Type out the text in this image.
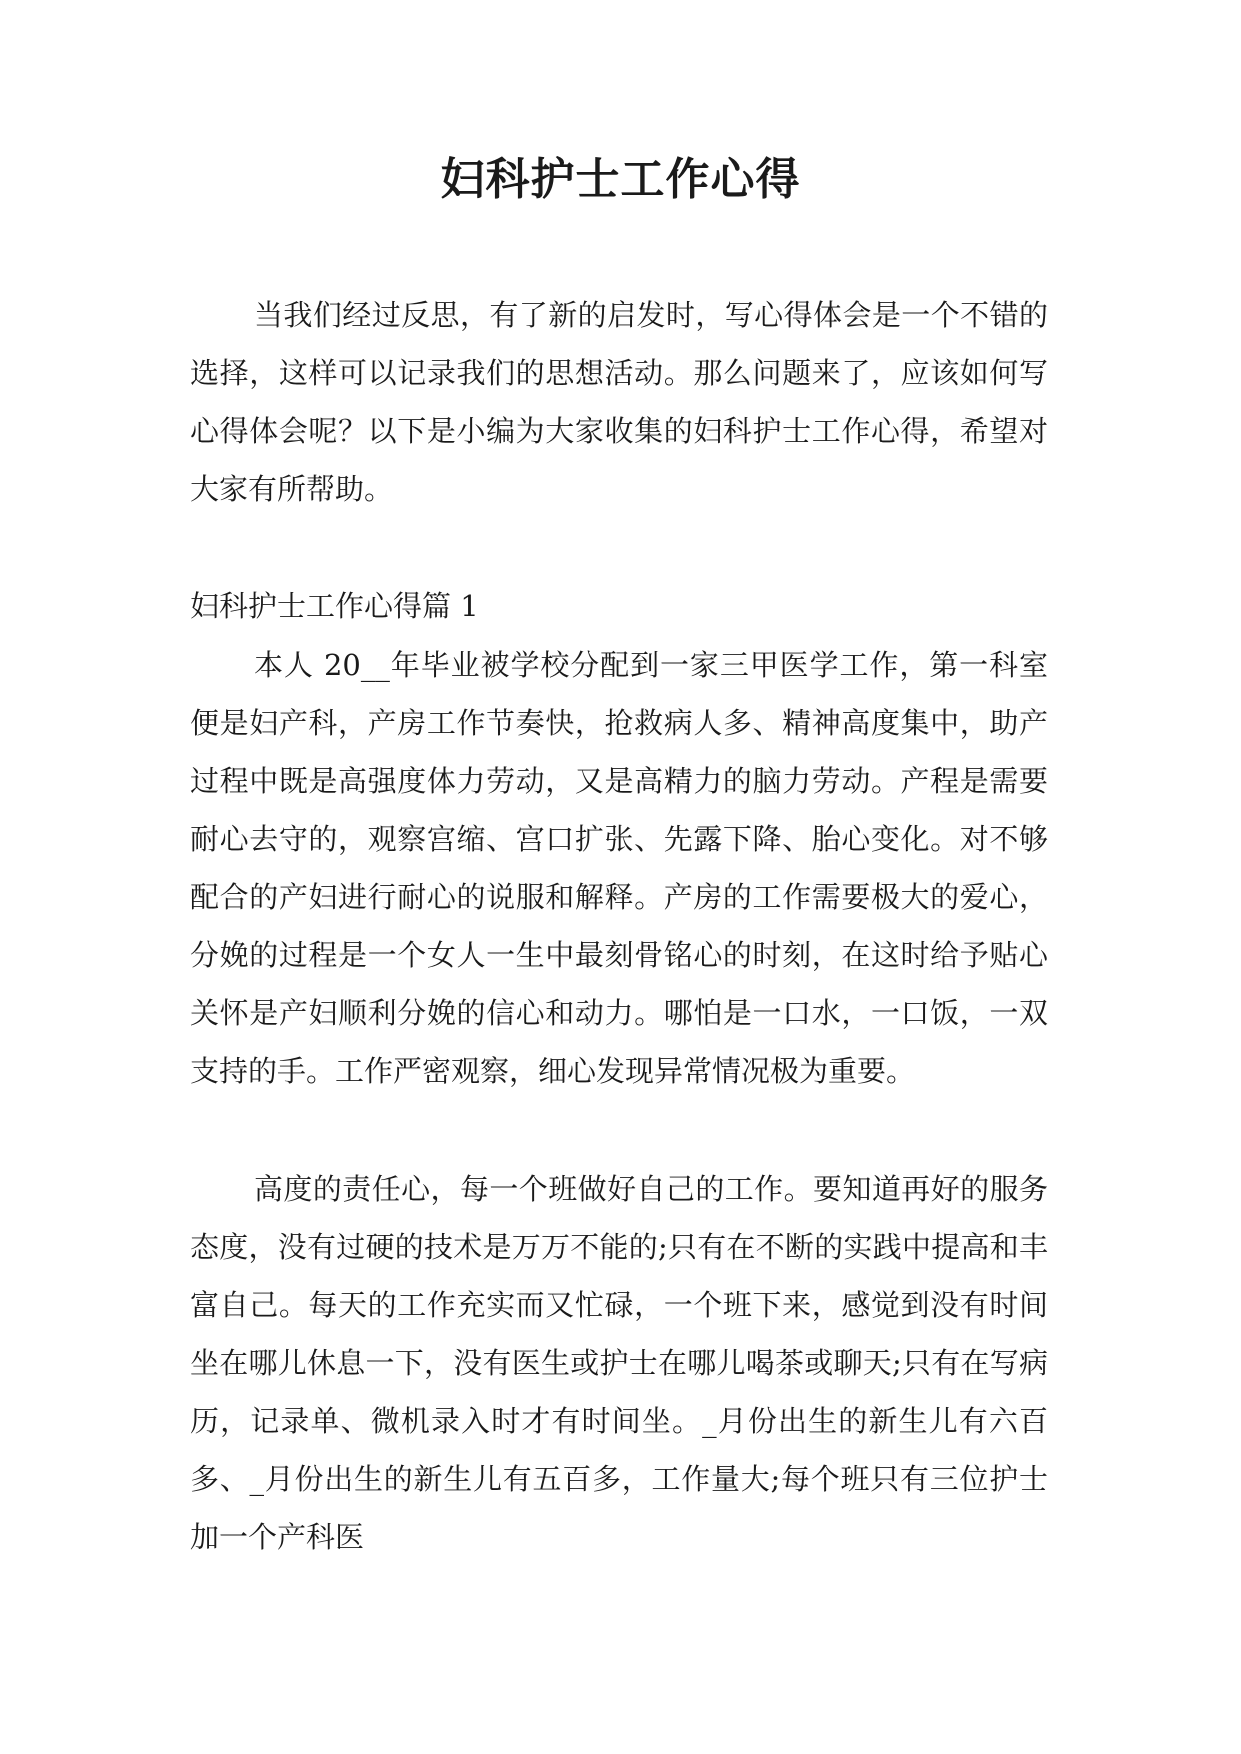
妇科护士工作心得

当我们经过反思，有了新的启发时，写心得体会是一个不错的选择，这样可以记录我们的思想活动。那么问题来了，应该如何写心得体会呢？以下是小编为大家收集的妇科护士工作心得，希望对大家有所帮助。

妇科护士工作心得篇 1

本人 20__年毕业被学校分配到一家三甲医学工作，第一科室便是妇产科，产房工作节奏快，抢救病人多、精神高度集中，助产过程中既是高强度体力劳动，又是高精力的脑力劳动。产程是需要耐心去守的，观察宫缩、宫口扩张、先露下降、胎心变化。对不够配合的产妇进行耐心的说服和解释。产房的工作需要极大的爱心，分娩的过程是一个女人一生中最刻骨铭心的时刻，在这时给予贴心关怀是产妇顺利分娩的信心和动力。哪怕是一口水，一口饭，一双支持的手。工作严密观察，细心发现异常情况极为重要。

高度的责任心，每一个班做好自己的工作。要知道再好的服务态度，没有过硬的技术是万万不能的;只有在不断的实践中提高和丰富自己。每天的工作充实而又忙碌，一个班下来，感觉到没有时间坐在哪儿休息一下，没有医生或护士在哪儿喝茶或聊天;只有在写病历，记录单、微机录入时才有时间坐。_月份出生的新生儿有六百多、_月份出生的新生儿有五百多，工作量大;每个班只有三位护士加一个产科医
